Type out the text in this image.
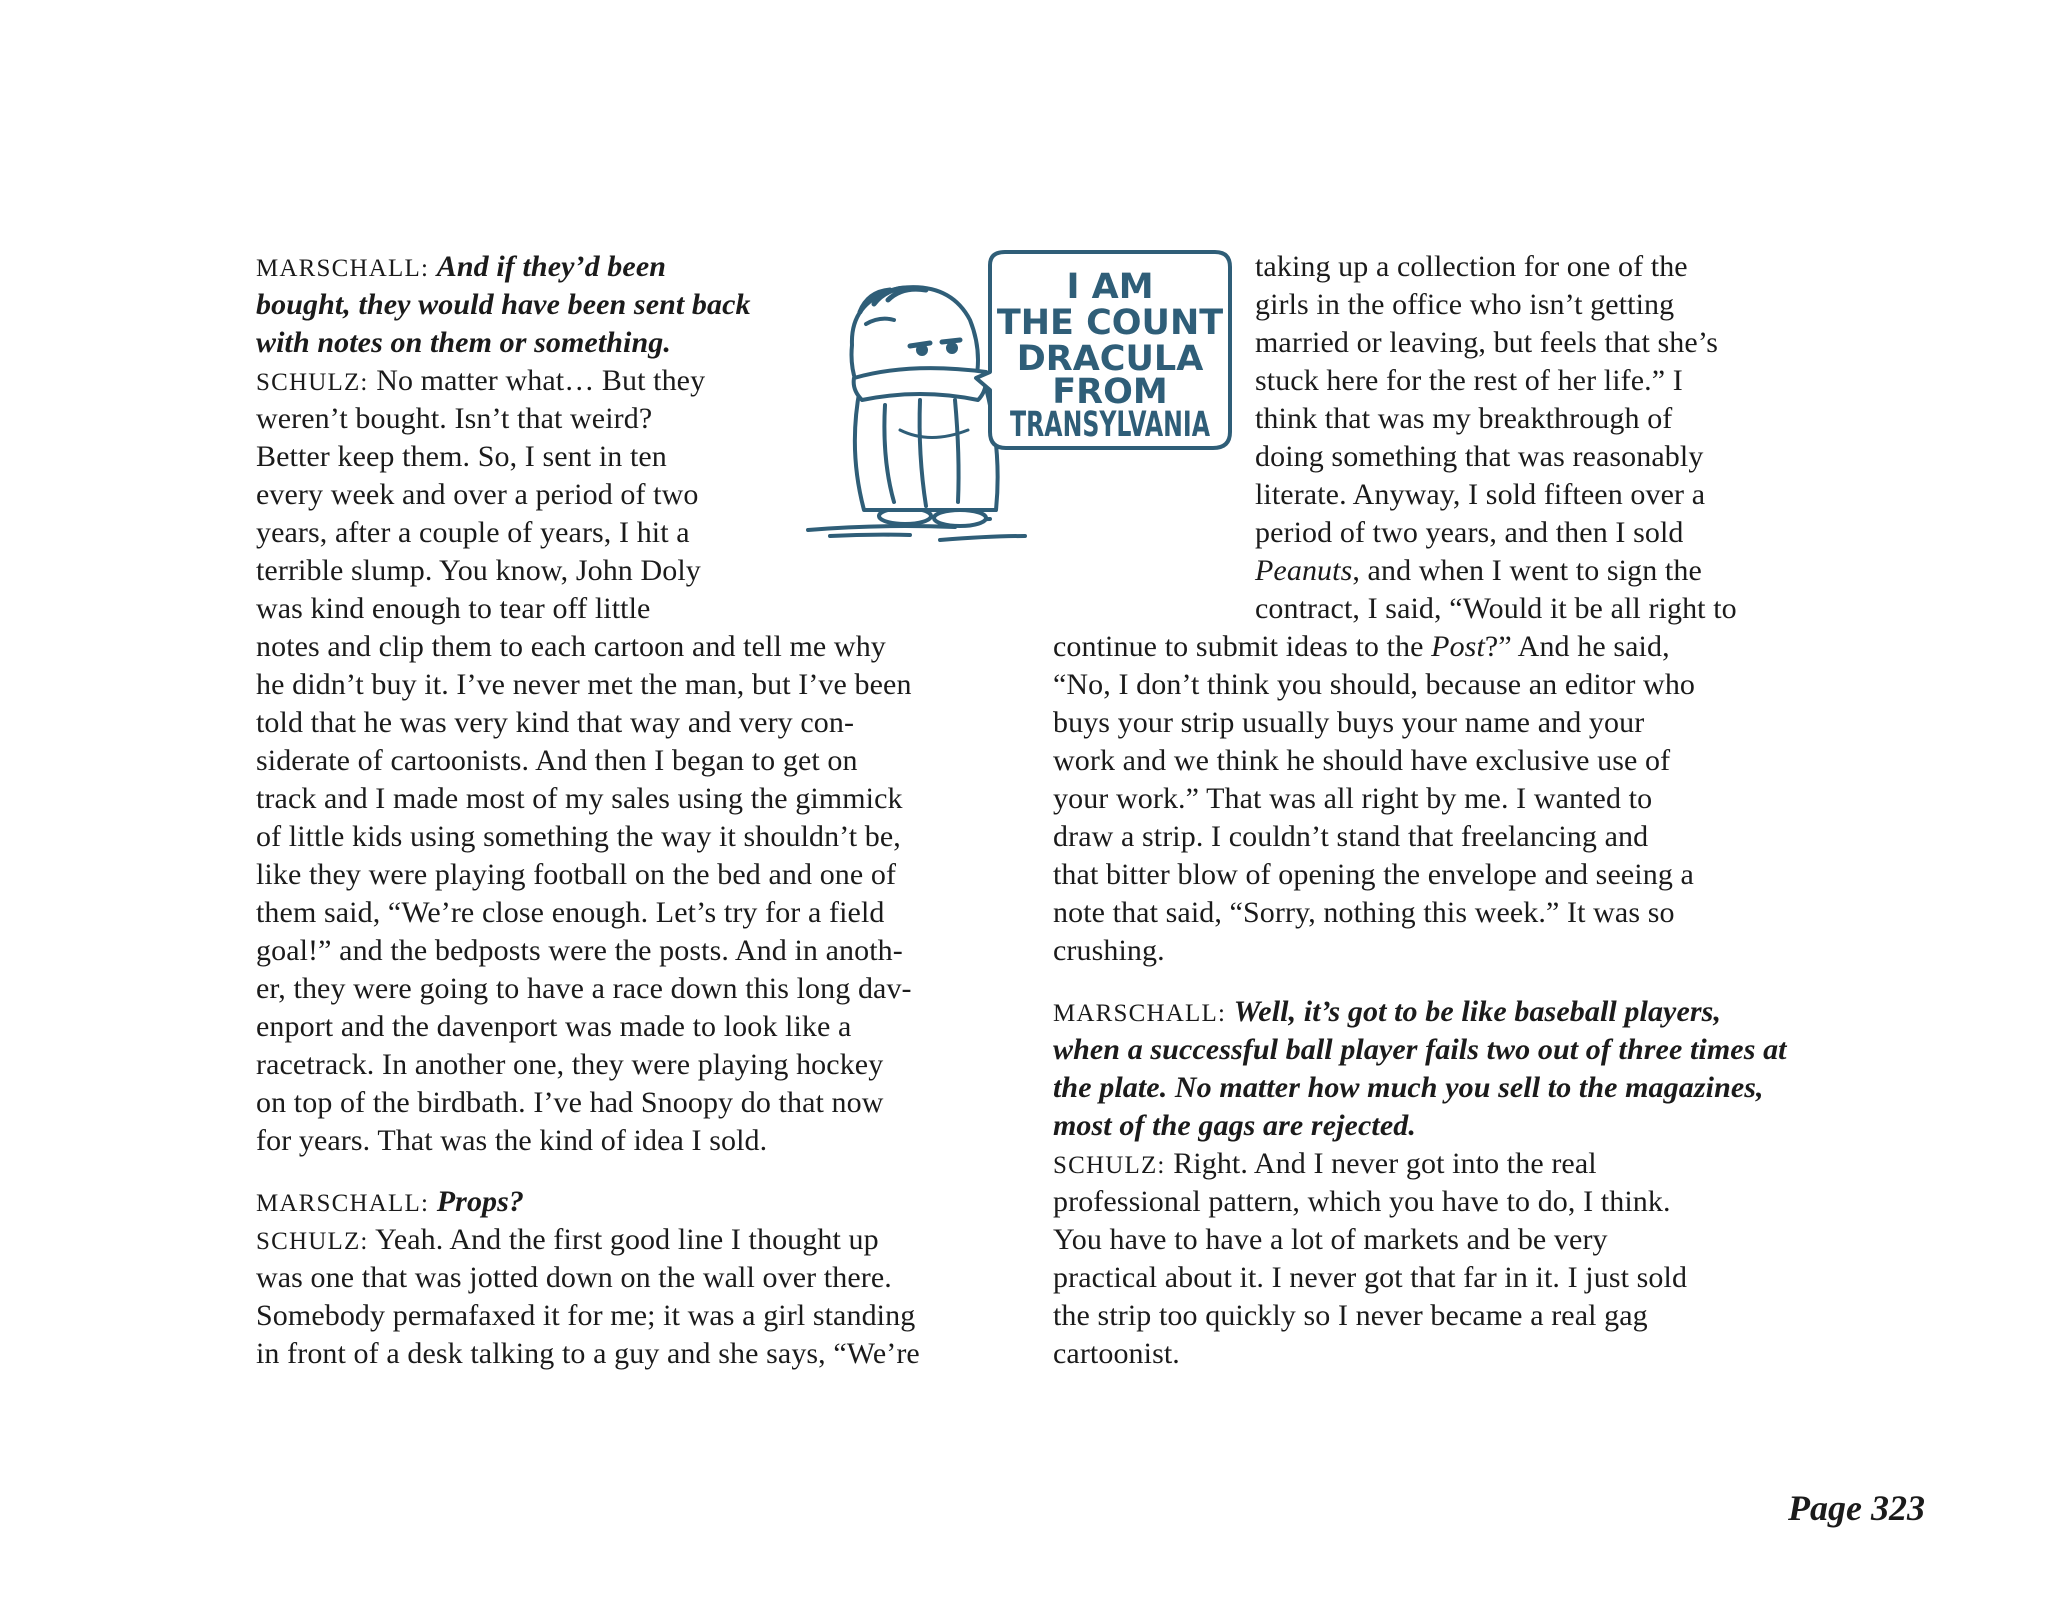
MARSCHALL: And if they’d been
bought, they would have been sent back
with notes on them or something.
SCHULZ: No matter what… But they
weren’t bought. Isn’t that weird?
Better keep them. So, I sent in ten
every week and over a period of two
years, after a couple of years, I hit a
terrible slump. You know, John Doly
was kind enough to tear off little
notes and clip them to each cartoon and tell me why
he didn’t buy it. I’ve never met the man, but I’ve been
told that he was very kind that way and very con-
siderate of cartoonists. And then I began to get on
track and I made most of my sales using the gimmick
of little kids using something the way it shouldn’t be,
like they were playing football on the bed and one of
them said, “We’re close enough. Let’s try for a field
goal!” and the bedposts were the posts. And in anoth-
er, they were going to have a race down this long dav-
enport and the davenport was made to look like a
racetrack. In another one, they were playing hockey
on top of the birdbath. I’ve had Snoopy do that now
for years. That was the kind of idea I sold.
MARSCHALL: Props?
SCHULZ: Yeah. And the first good line I thought up
was one that was jotted down on the wall over there.
Somebody permafaxed it for me; it was a girl standing
in front of a desk talking to a guy and she says, “We’re
I AM
THE COUNT
DRACULA
FROM
TRANSYLVANIA
taking up a collection for one of the
girls in the office who isn’t getting
married or leaving, but feels that she’s
stuck here for the rest of her life.” I
think that was my breakthrough of
doing something that was reasonably
literate. Anyway, I sold fifteen over a
period of two years, and then I sold
Peanuts, and when I went to sign the
contract, I said, “Would it be all right to
continue to submit ideas to the Post?” And he said,
“No, I don’t think you should, because an editor who
buys your strip usually buys your name and your
work and we think he should have exclusive use of
your work.” That was all right by me. I wanted to
draw a strip. I couldn’t stand that freelancing and
that bitter blow of opening the envelope and seeing a
note that said, “Sorry, nothing this week.” It was so
crushing.
MARSCHALL: Well, it’s got to be like baseball players,
when a successful ball player fails two out of three times at
the plate. No matter how much you sell to the magazines,
most of the gags are rejected.
SCHULZ: Right. And I never got into the real
professional pattern, which you have to do, I think.
You have to have a lot of markets and be very
practical about it. I never got that far in it. I just sold
the strip too quickly so I never became a real gag
cartoonist.
Page 323
